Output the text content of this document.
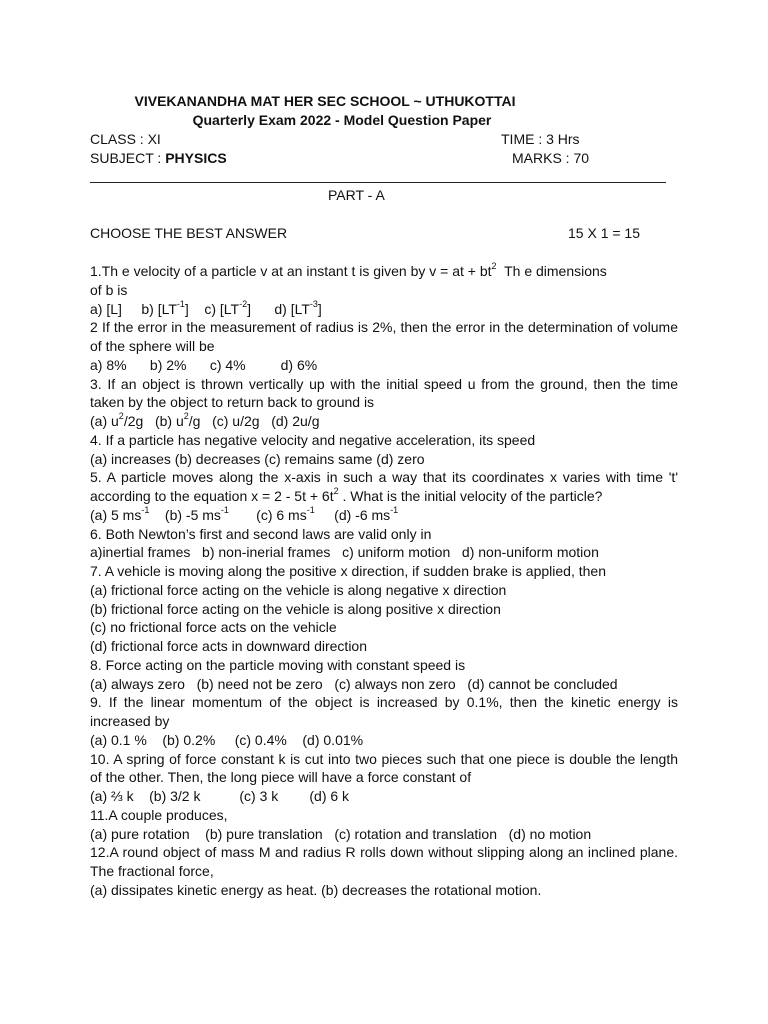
VIVEKANANDHA MAT HER SEC SCHOOL ~ UTHUKOTTAI
Quarterly Exam 2022 - Model Question Paper
CLASS : XI	TIME : 3 Hrs
SUBJECT : PHYSICS	MARKS : 70
PART - A
CHOOSE THE BEST ANSWER	15 X 1 = 15

1.Th e velocity of a particle v at an instant t is given by v = at + $bt^2$  Th e dimensions
of b is

a) [L]     b) $[LT^{-1}]$    c) $[LT^{-2}]$      d) $[LT^{-3}]$

2 If the error in the measurement of radius is 2%, then the error in the determination of volume of the sphere will be

a) 8%      b) 2%      c) 4%         d) 6%

3. If an object is thrown vertically up with the initial speed u from the ground, then the time taken by the object to return back to ground is

(a) $u^2/2g$   (b) $u^2/g$   (c) u/2g   (d) 2u/g

4. If a particle has negative velocity and negative acceleration, its speed

(a) increases (b) decreases (c) remains same (d) zero

5. A particle moves along the x-axis in such a way that its coordinates x varies with time 't' according to the equation $x = 2 - 5t + 6t^2$ . What is the initial velocity of the particle?

(a) 5 $ms^{-1}$    (b) -5 $ms^{-1}$       (c) 6 $ms^{-1}$     (d) -6 $ms^{-1}$

6. Both Newton’s first and second laws are valid only in

a)inertial frames   b) non-inerial frames   c) uniform motion   d) non-uniform motion

7. A vehicle is moving along the positive x direction, if sudden brake is applied, then

(a) frictional force acting on the vehicle is along negative x direction

(b) frictional force acting on the vehicle is along positive x direction

(c) no frictional force acts on the vehicle

(d) frictional force acts in downward direction

8. Force acting on the particle moving with constant speed is

(a) always zero   (b) need not be zero   (c) always non zero   (d) cannot be concluded

9. If the linear momentum of the object is increased by 0.1%, then the kinetic energy is increased by

(a) 0.1 %    (b) 0.2%     (c) 0.4%    (d) 0.01%

10. A spring of force constant k is cut into two pieces such that one piece is double the length of the other. Then, the long piece will have a force constant of

(a) ⅔ k    (b) 3/2 k          (c) 3 k        (d) 6 k

11.A couple produces,

(a) pure rotation    (b) pure translation   (c) rotation and translation   (d) no motion

12.A round object of mass M and radius R rolls down without slipping along an inclined plane. The fractional force,

(a) dissipates kinetic energy as heat. (b) decreases the rotational motion.
